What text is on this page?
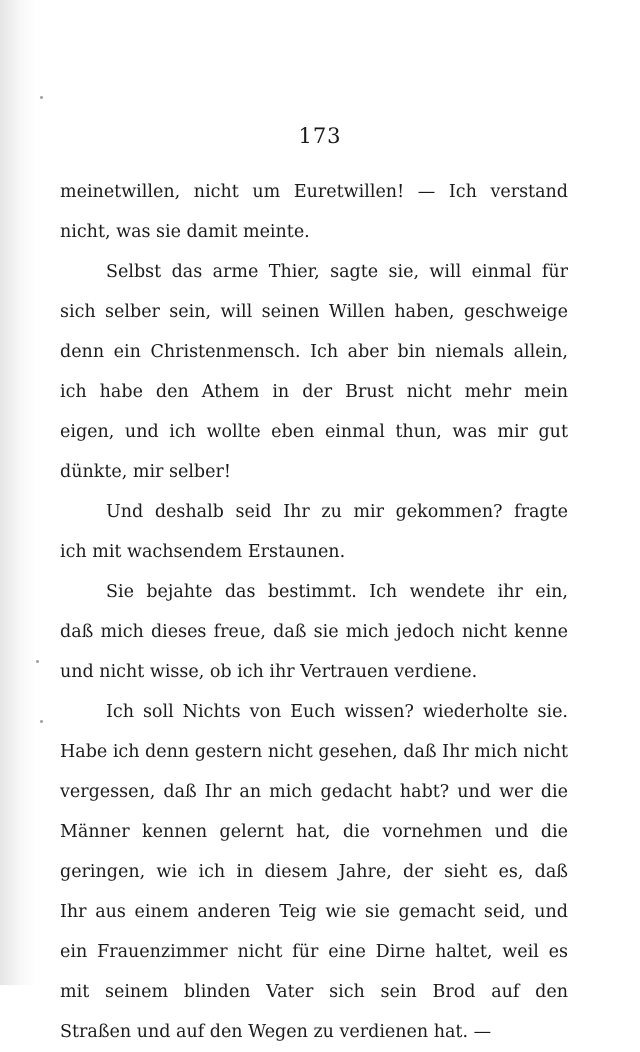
173
meinetwillen, nicht um Euretwillen! — Ich verstand
nicht, was sie damit meinte.
Selbst das arme Thier, sagte sie, will einmal für
sich selber sein, will seinen Willen haben, geschweige
denn ein Christenmensch. Ich aber bin niemals allein,
ich habe den Athem in der Brust nicht mehr mein
eigen, und ich wollte eben einmal thun, was mir gut
dünkte, mir selber!
Und deshalb seid Ihr zu mir gekommen? fragte
ich mit wachsendem Erstaunen.
Sie bejahte das bestimmt. Ich wendete ihr ein,
daß mich dieses freue, daß sie mich jedoch nicht kenne
und nicht wisse, ob ich ihr Vertrauen verdiene.
Ich soll Nichts von Euch wissen? wiederholte sie.
Habe ich denn gestern nicht gesehen, daß Ihr mich nicht
vergessen, daß Ihr an mich gedacht habt? und wer die
Männer kennen gelernt hat, die vornehmen und die
geringen, wie ich in diesem Jahre, der sieht es, daß
Ihr aus einem anderen Teig wie sie gemacht seid, und
ein Frauenzimmer nicht für eine Dirne haltet, weil es
mit seinem blinden Vater sich sein Brod auf den
Straßen und auf den Wegen zu verdienen hat. —
